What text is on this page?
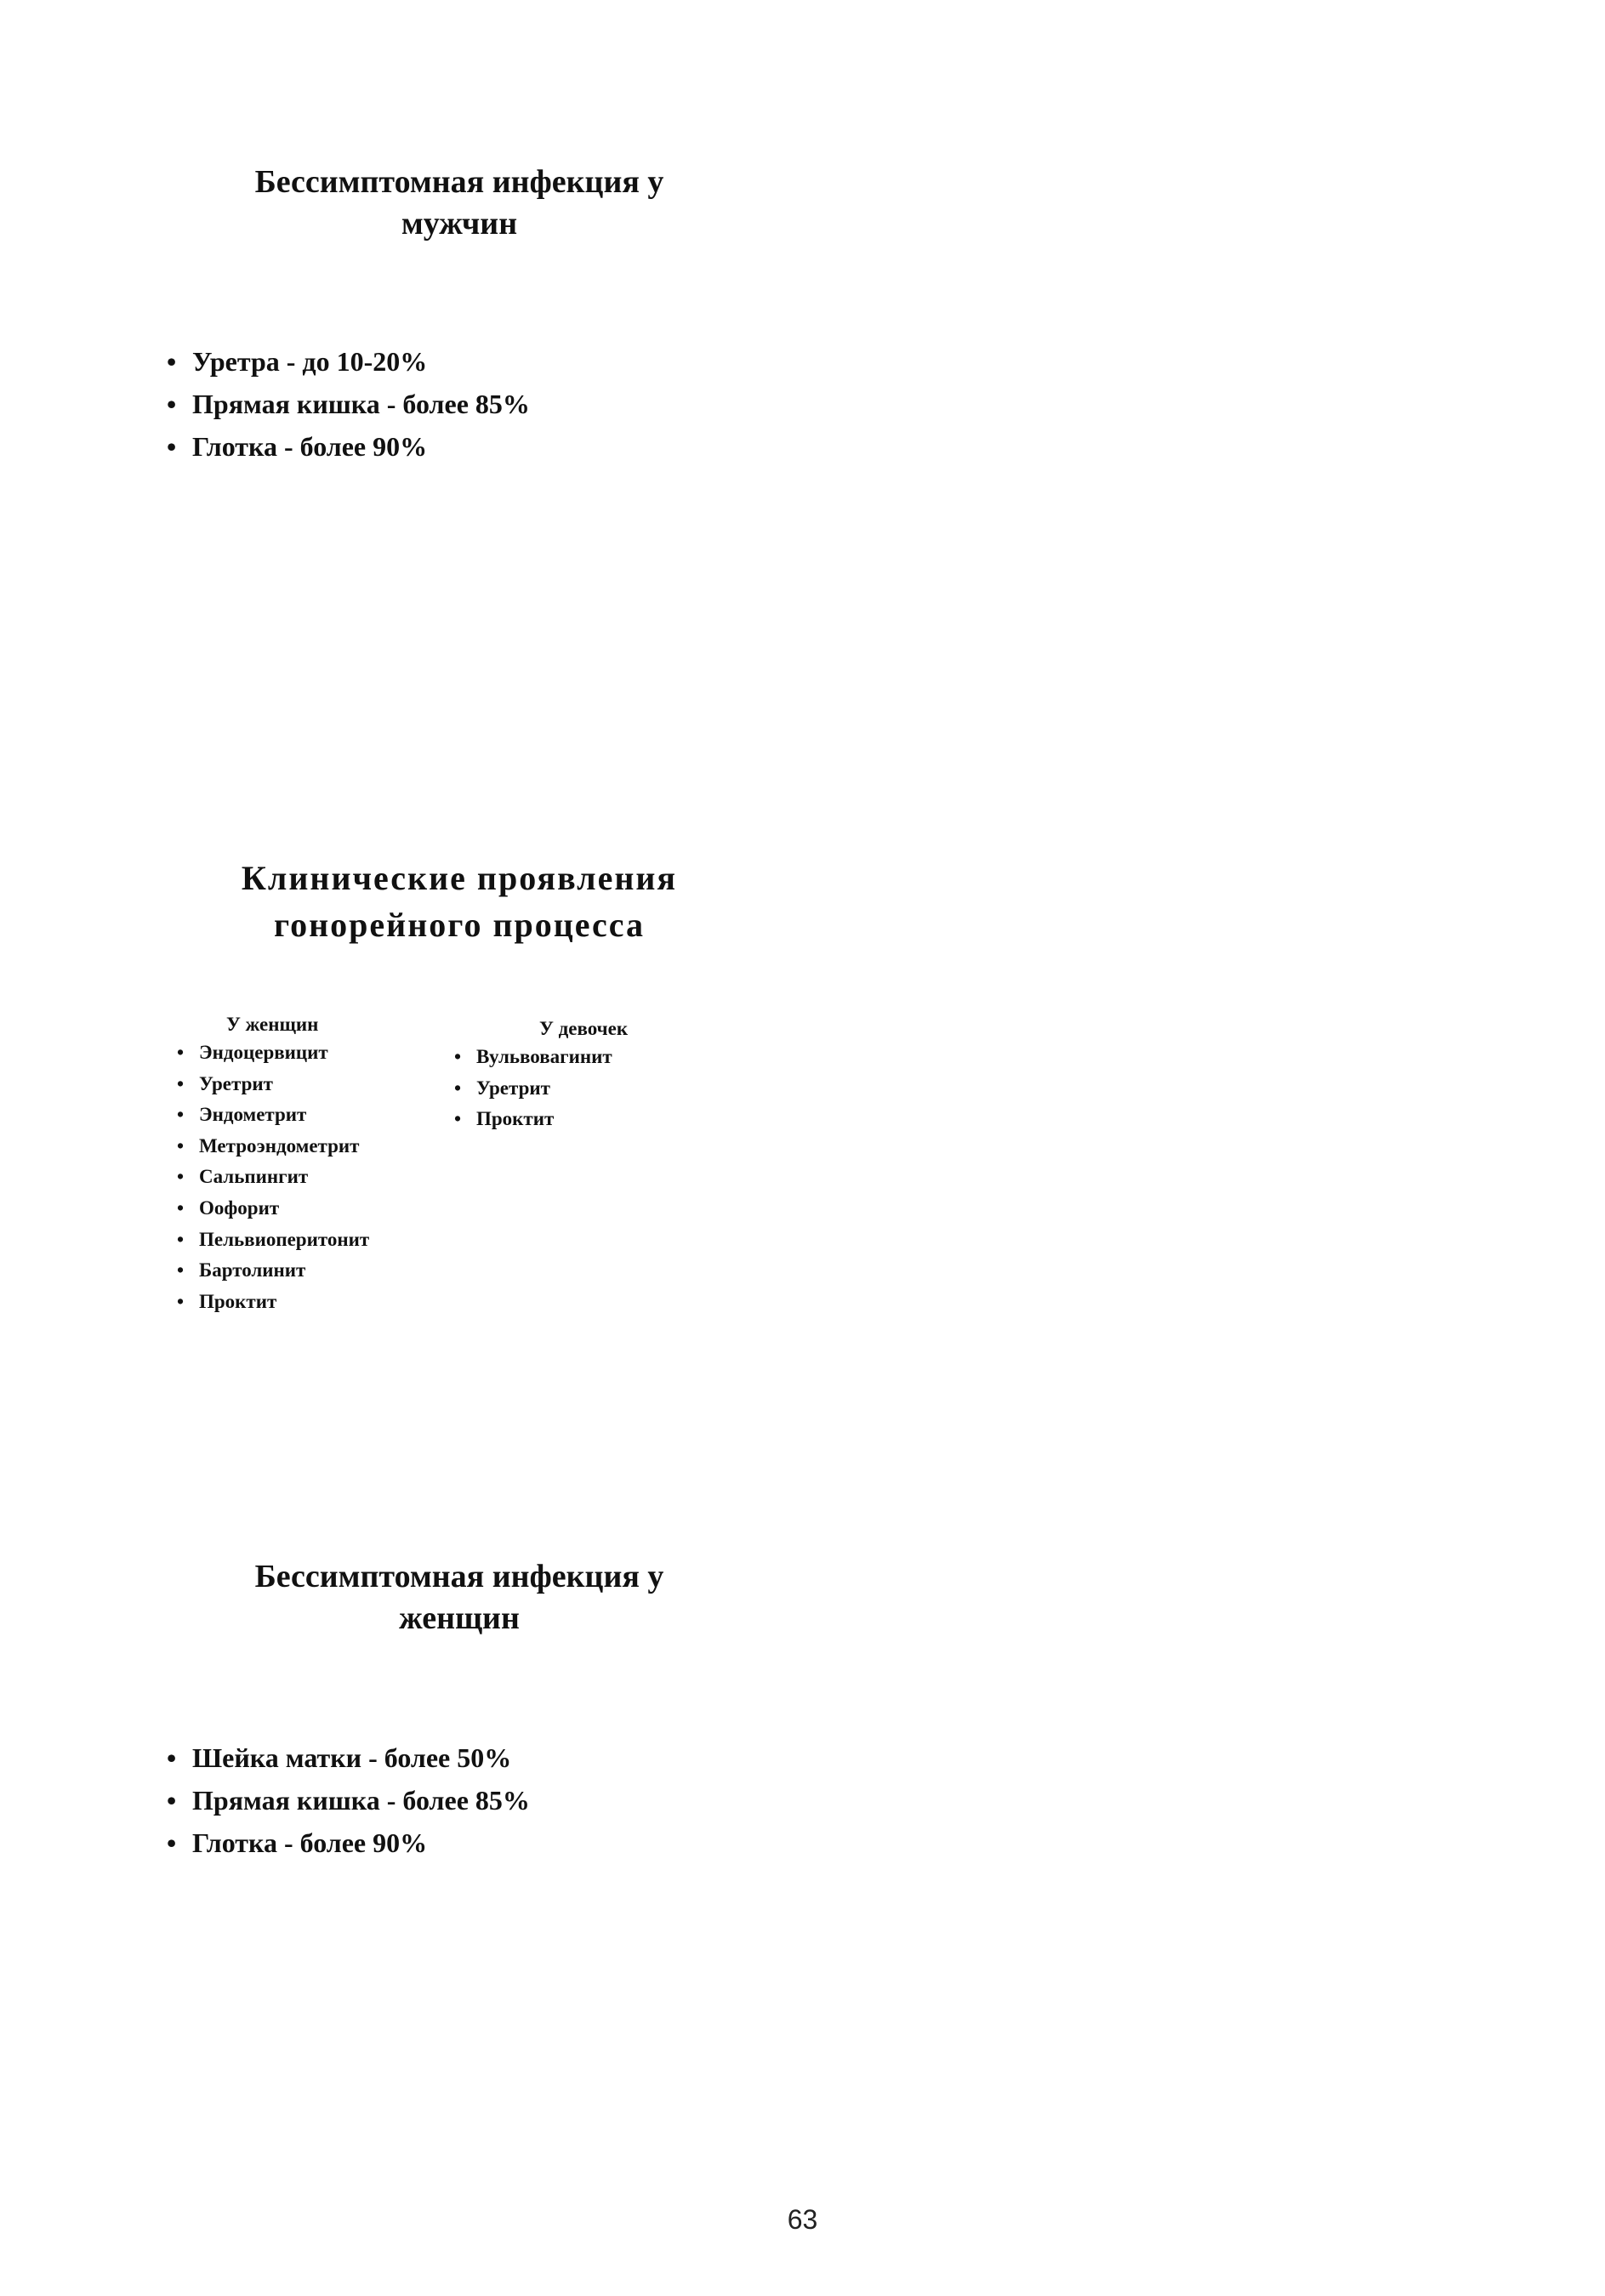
Бессимптомная инфекция у
мужчин
• Уретра - до 10-20%
• Прямая кишка - более 85%
• Глотка - более 90%
Клинические проявления
гонорейного процесса

У женщин

• Эндоцервицит
• Уретрит
• Эндометрит
• Метроэндометрит
• Сальпингит
• Оофорит
• Пельвиоперитонит
• Бартолинит
• Проктит

У девочек

• Вульвовагинит
• Уретрит
• Проктит
Бессимптомная инфекция у
женщин
• Шейка матки - более 50%
• Прямая кишка - более 85%
• Глотка - более 90%
63
